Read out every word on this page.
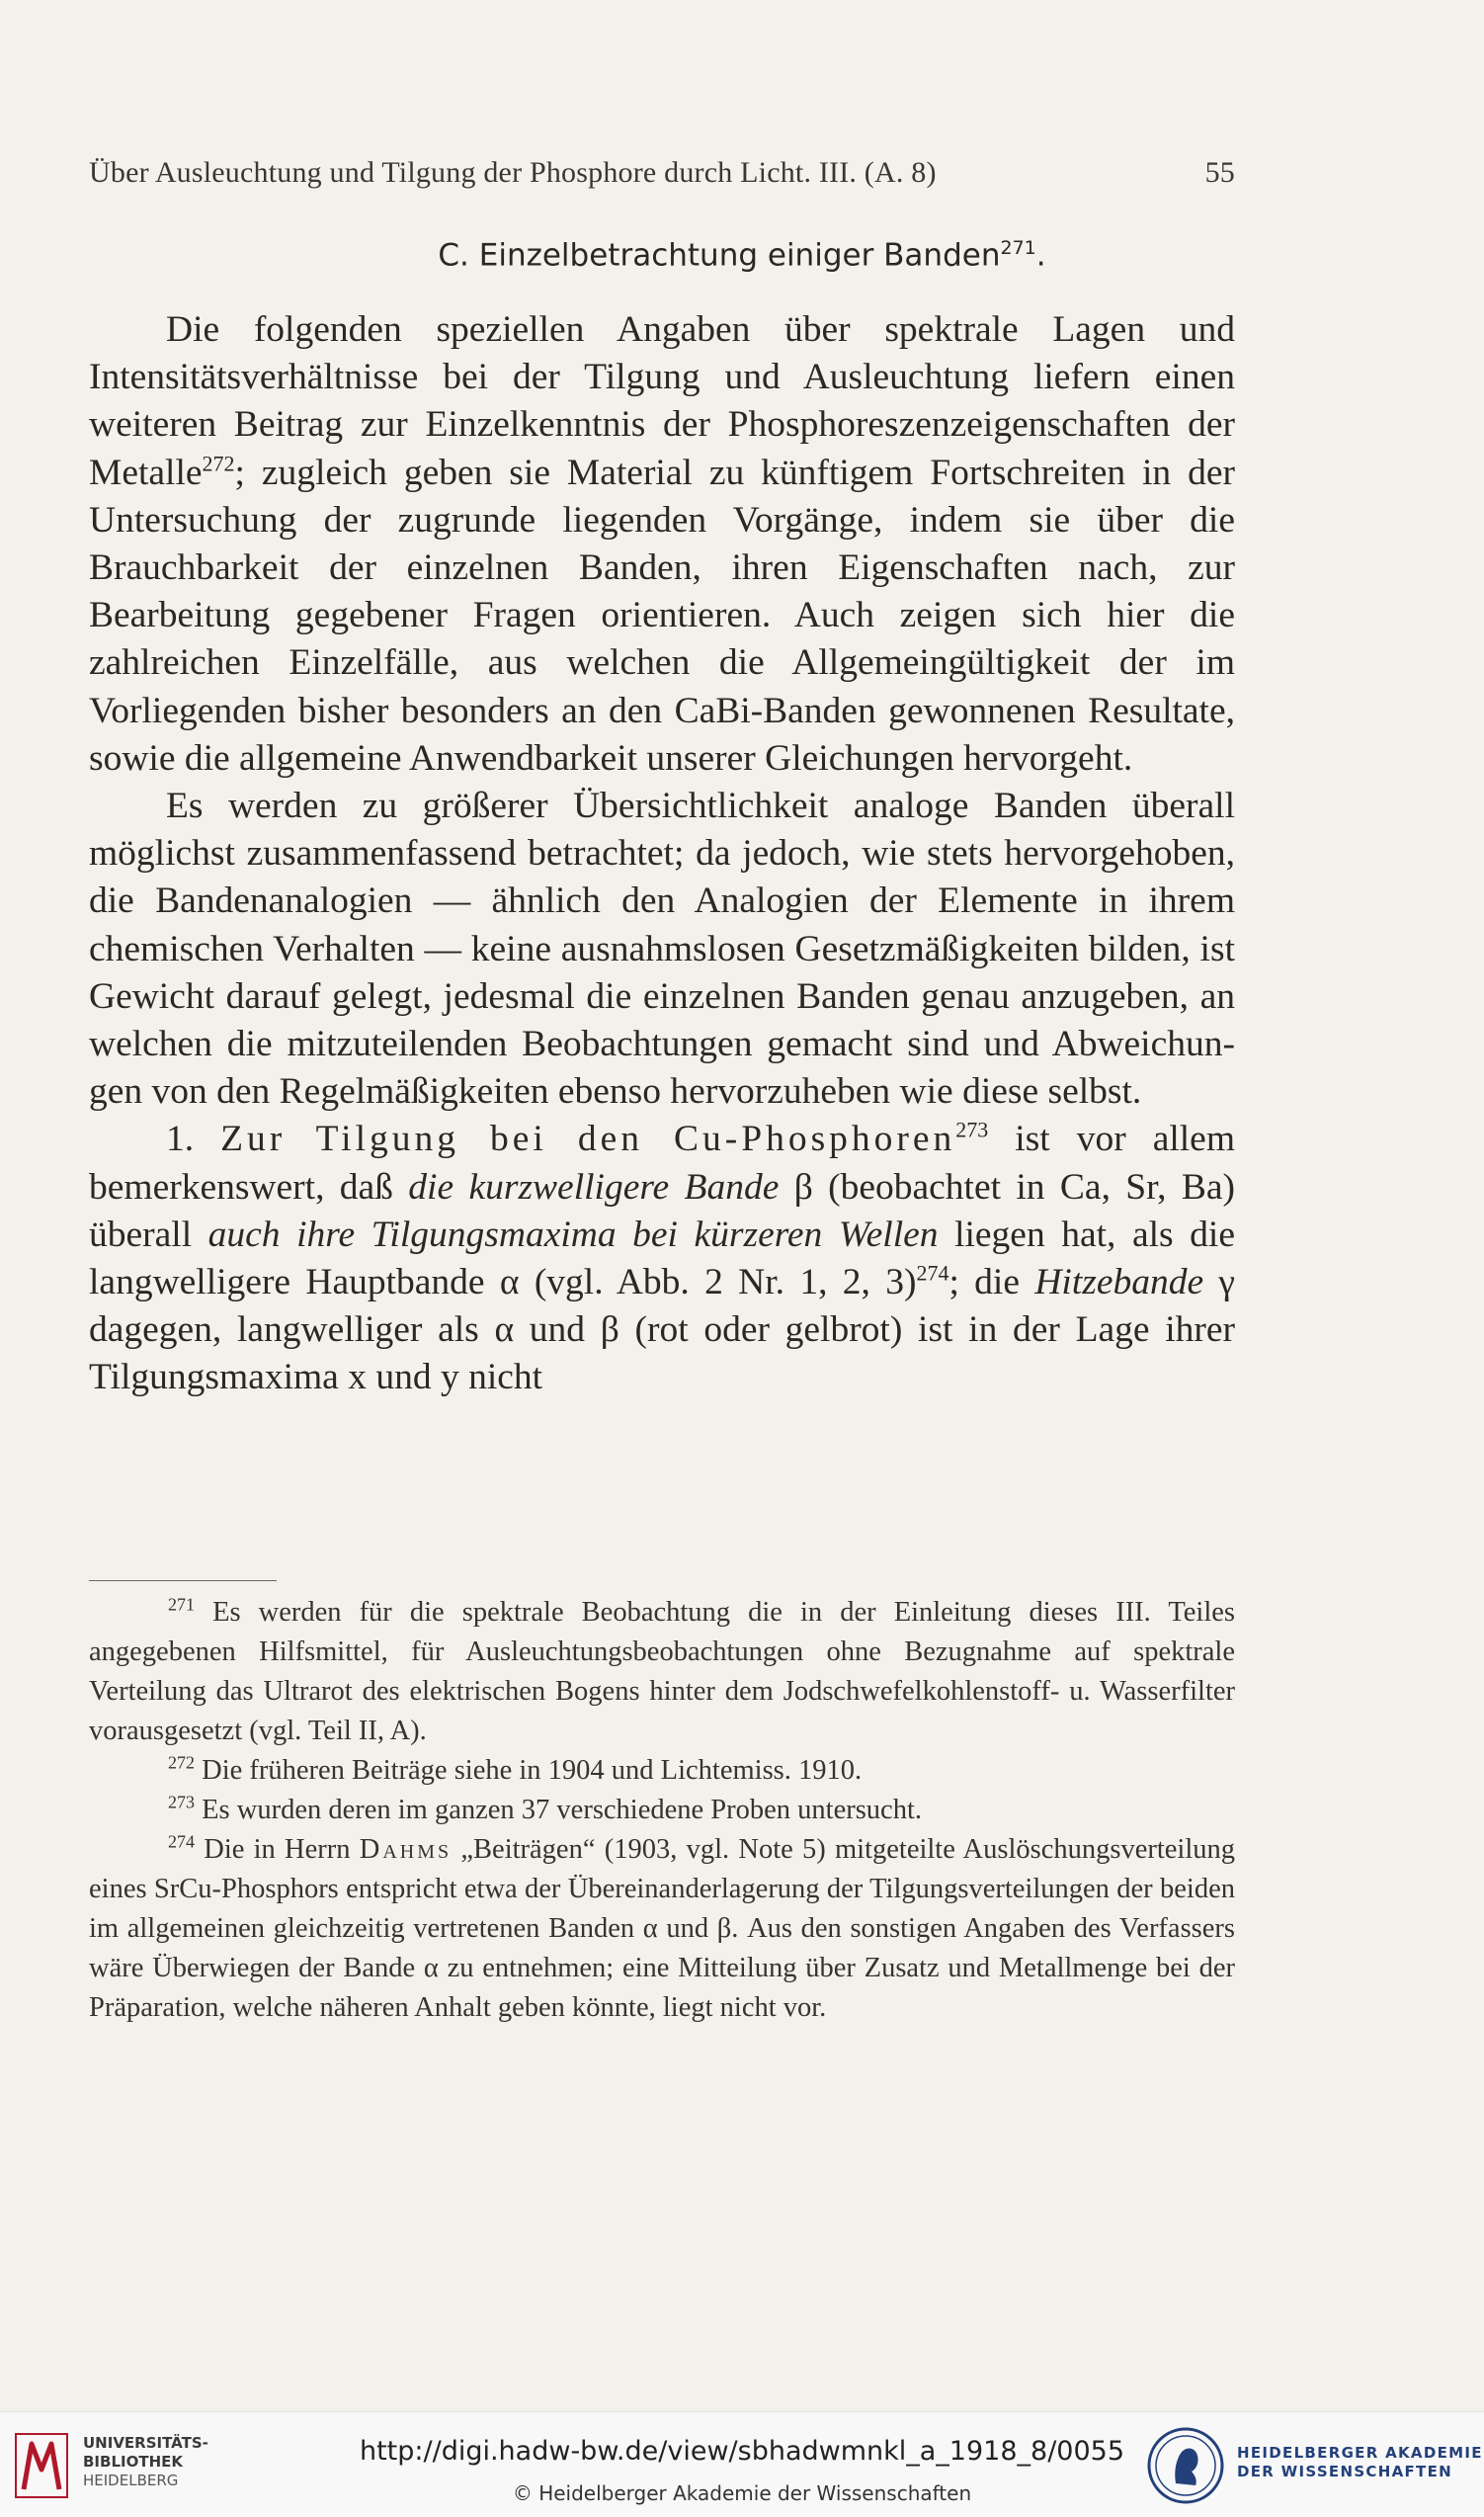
Über Ausleuchtung und Tilgung der Phosphore durch Licht. III. (A. 8)	55
C. Einzelbetrachtung einiger Banden$^{271}$.

Die folgenden speziellen Angaben über spektrale Lagen und Intensitätsverhältnisse bei der Tilgung und Ausleuchtung liefern einen weiteren Beitrag zur Einzelkenntnis der Phosphoreszenzeigenschaften der Metalle$^{272}$; zugleich geben sie Material zu künftigem Fortschreiten in der Untersuchung der zugrunde liegenden Vorgänge, indem sie über die Brauchbarkeit der einzelnen Banden, ihren Eigenschaften nach, zur Bearbeitung gegebener Fragen orientieren. Auch zeigen sich hier die zahlreichen Einzelfälle, aus welchen die Allgemeingültigkeit der im Vorliegenden bisher besonders an den CaBi-Banden gewonnenen Resultate, sowie die allgemeine Anwendbarkeit unserer Gleichungen hervorgeht.

Es werden zu größerer Übersichtlichkeit analoge Banden überall möglichst zusammenfassend betrachtet; da jedoch, wie stets hervorgehoben, die Bandenanalogien — ähnlich den Analogien der Elemente in ihrem chemischen Verhalten — keine ausnahmslosen Gesetzmäßigkeiten bilden, ist Gewicht darauf gelegt, jedesmal die einzelnen Banden genau anzugeben, an welchen die mitzuteilenden Beobachtungen gemacht sind und Abweichungen von den Regelmäßigkeiten ebenso hervorzuheben wie diese selbst.

1. Zur Tilgung bei den Cu-Phosphoren$^{273}$ ist vor allem bemerkenswert, daß die kurzwelligere Bande β (beobachtet in Ca, Sr, Ba) überall auch ihre Tilgungsmaxima bei kürzeren Wellen liegen hat, als die langwelligere Hauptbande α (vgl. Abb. 2 Nr. 1, 2, 3)$^{274}$; die Hitzebande γ dagegen, langwelliger als α und β (rot oder gelbrot) ist in der Lage ihrer Tilgungsmaxima x und y nicht

$^{271}$ Es werden für die spektrale Beobachtung die in der Einleitung dieses III. Teiles angegebenen Hilfsmittel, für Ausleuchtungsbeobachtungen ohne Bezugnahme auf spektrale Verteilung das Ultrarot des elektrischen Bogens hinter dem Jodschwefelkohlenstoff- u. Wasserfilter vorausgesetzt (vgl. Teil II, A).

$^{272}$ Die früheren Beiträge siehe in 1904 und Lichtemiss. 1910.

$^{273}$ Es wurden deren im ganzen 37 verschiedene Proben untersucht.

$^{274}$ Die in Herrn Dahms „Beiträgen“ (1903, vgl. Note 5) mitgeteilte Auslöschungsverteilung eines SrCu-Phosphors entspricht etwa der Übereinanderlagerung der Tilgungsverteilungen der beiden im allgemeinen gleichzeitig vertretenen Banden α und β. Aus den sonstigen Angaben des Verfassers wäre Überwiegen der Bande α zu entnehmen; eine Mitteilung über Zusatz und Metallmenge bei der Präparation, welche näheren Anhalt geben könnte, liegt nicht vor.

UNIVERSITÄTS-
BIBLIOTHEK
HEIDELBERG
http://digi.hadw-bw.de/view/sbhadwmnkl_a_1918_8/0055
© Heidelberger Akademie der Wissenschaften
HEIDELBERGER AKADEMIE
DER WISSENSCHAFTEN
